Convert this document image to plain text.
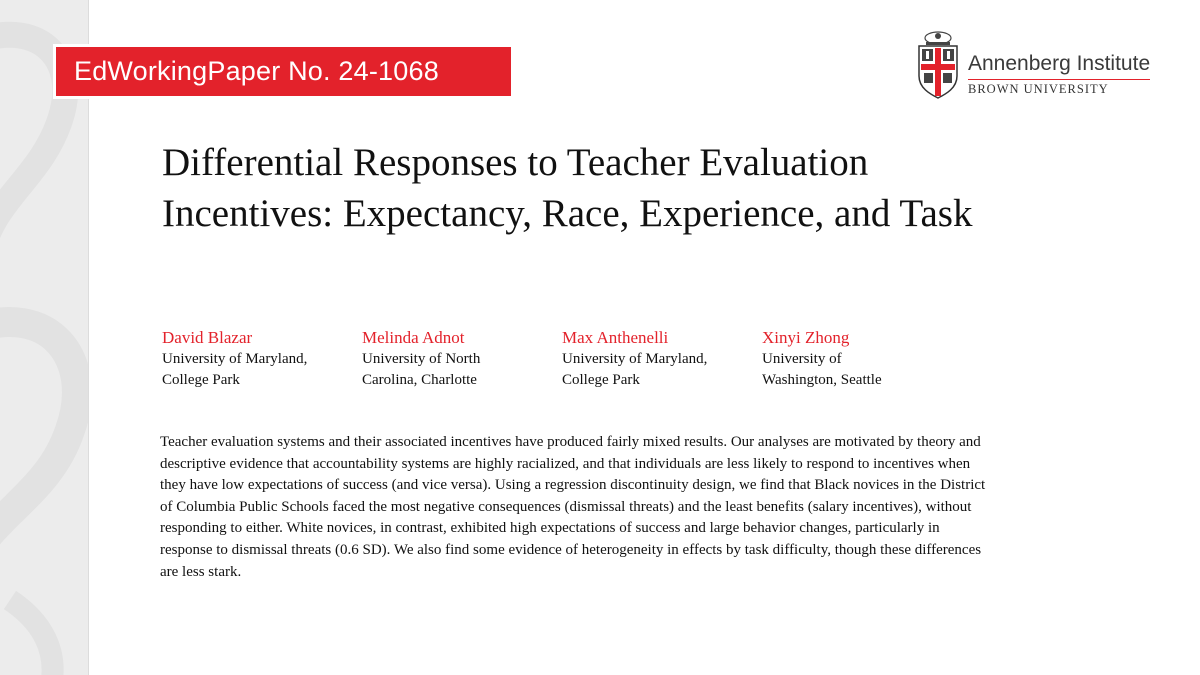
EdWorkingPaper No. 24-1068	Annenberg Institute
BROWN UNIVERSITY
Differential Responses to Teacher Evaluation Incentives: Expectancy, Race, Experience, and Task
David Blazar
University of Maryland, College Park
Melinda Adnot
University of North Carolina, Charlotte
Max Anthenelli
University of Maryland, College Park
Xinyi Zhong
University of Washington, Seattle

Teacher evaluation systems and their associated incentives have produced fairly mixed results. Our analyses are motivated by theory and descriptive evidence that accountability systems are highly racialized, and that individuals are less likely to respond to incentives when they have low expectations of success (and vice versa). Using a regression discontinuity design, we find that Black novices in the District of Columbia Public Schools faced the most negative consequences (dismissal threats) and the least benefits (salary incentives), without responding to either. White novices, in contrast, exhibited high expectations of success and large behavior changes, particularly in response to dismissal threats (0.6 SD). We also find some evidence of heterogeneity in effects by task difficulty, though these differences are less stark.
